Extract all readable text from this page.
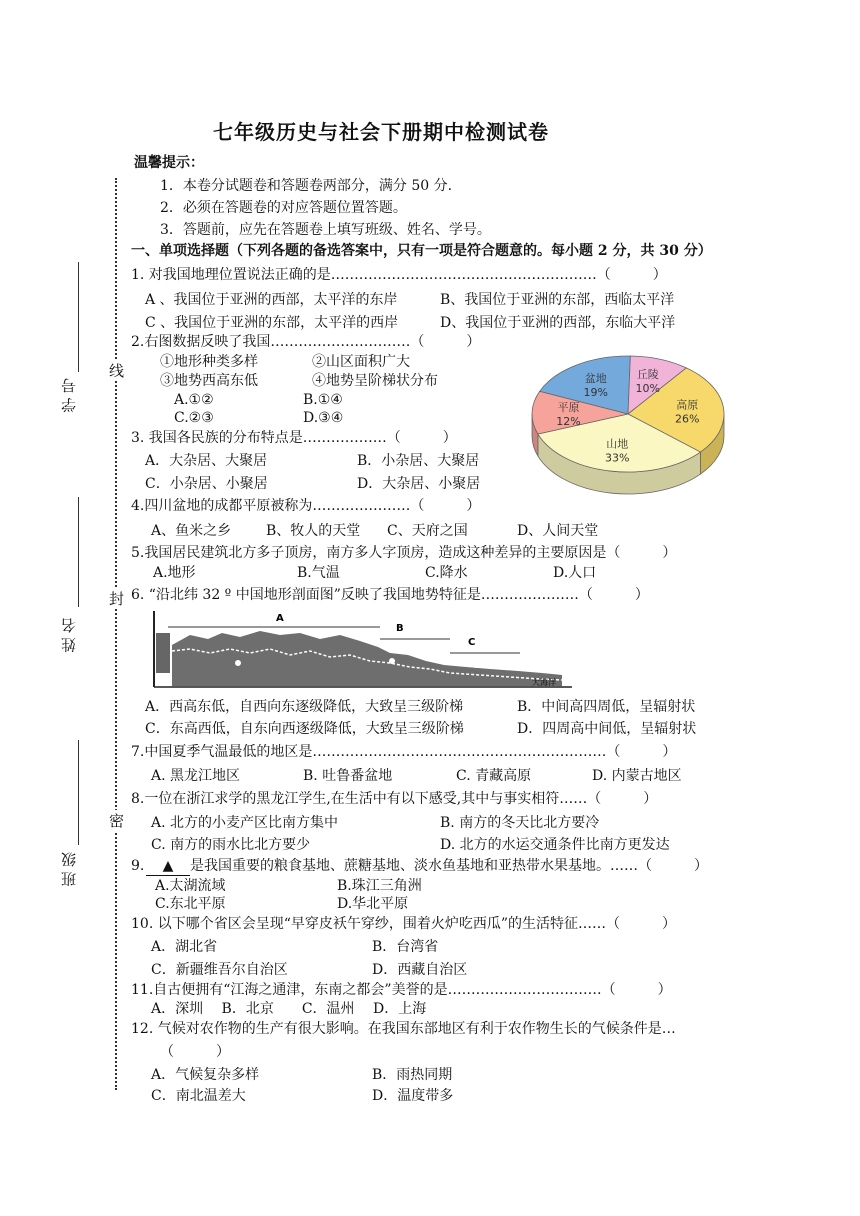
七年级历史与社会下册期中检测试卷
温馨提示：
1．本卷分试题卷和答题卷两部分，满分 50 分.
2．必须在答题卷的对应答题位置答题。
3．答题前，应先在答题卷上填写班级、姓名、学号。
一、单项选择题（下列各题的备选答案中，只有一项是符合题意的。每小题 2 分，共 30 分）
线
封
密
学 号
姓 名
班 级
1. 对我国地理位置说法正确的是…………………………………………………（　　　）
A 、我国位于亚洲的西部，太平洋的东岸	B、我国位于亚洲的东部，西临太平洋
C 、我国位于亚洲的东部，太平洋的西岸	D、我国位于亚洲的西部，东临大平洋
2.右图数据反映了我国…………………………（　　　）
①地形种类多样	②山区面积广大
③地势西高东低	④地势呈阶梯状分布
A.①②	B.①④
C.②③	D.③④
盆地
19%
丘陵
10%
高原
26%
山地
33%
平原
12%
3. 我国各民族的分布特点是………………（　　　）
A．大杂居、大聚居	B．小杂居、大聚居
C．小杂居、小聚居	D．大杂居、小聚居
4.四川盆地的成都平原被称为…………………（　　　）
A、鱼米之乡 B、牧人的天堂 C、天府之国	D、人间天堂
5.我国居民建筑北方多子顶房，南方多人字顶房，造成这种差异的主要原因是（　　　）
A.地形	B.气温	C.降水	D.人口
6. “沿北纬 32 º 中国地形剖面图”反映了我国地势特征是…………………（　　　）
A
B
C
大海洋
A．西高东低，自西向东逐级降低，大致呈三级阶梯	B．中间高四周低，呈辐射状
C．东高西低，自东向西逐级降低，大致呈三级阶梯	D．四周高中间低，呈辐射状
7.中国夏季气温最低的地区是………………………………………………………（　　　）
A. 黑龙江地区	B. 吐鲁番盆地	C. 青藏高原	D. 内蒙古地区
8.一位在浙江求学的黑龙江学生,在生活中有以下感受,其中与事实相符……（　　　）
A. 北方的小麦产区比南方集中	B. 南方的冬天比北方要冷
C. 南方的雨水比北方要少	D. 北方的水运交通条件比南方更发达
9.	▲	是我国重要的粮食基地、蔗糖基地、淡水鱼基地和亚热带水果基地。……（　　　）
A.太湖流域	B.珠江三角洲
C.东北平原	D.华北平原
10. 以下哪个省区会呈现“早穿皮袄午穿纱，围着火炉吃西瓜”的生活特征……（　　　）
A．湖北省	B．台湾省
C．新疆维吾尔自治区	D．西藏自治区
11.自古便拥有“江海之通津，东南之都会”美誉的是……………………………（　　　）
A．深圳　 B．北京　　C．温州　 D．上海
12. 气候对农作物的生产有很大影响。在我国东部地区有利于农作物生长的气候条件是…
（　　　）
A．气候复杂多样	B．雨热同期
C．南北温差大	D．温度带多
